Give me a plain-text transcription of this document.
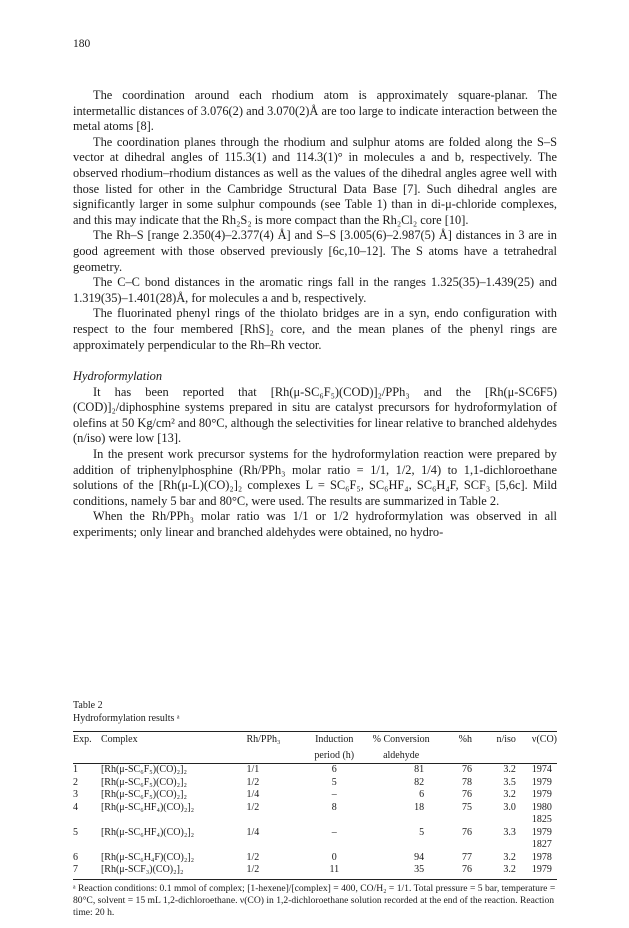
180

The coordination around each rhodium atom is approximately square-planar. The intermetallic distances of 3.076(2) and 3.070(2)Å are too large to indicate interaction between the metal atoms [8].

The coordination planes through the rhodium and sulphur atoms are folded along the S–S vector at dihedral angles of 115.3(1) and 114.3(1)° in molecules a and b, respectively. The observed rhodium–rhodium distances as well as the values of the dihedral angles agree well with those listed for other in the Cambridge Structural Data Base [7]. Such dihedral angles are significantly larger in some sulphur compounds (see Table 1) than in di-μ-chloride complexes, and this may indicate that the Rh₂S₂ is more compact than the Rh₂Cl₂ core [10].

The Rh–S [range 2.350(4)–2.377(4) Å] and S–S [3.005(6)–2.987(5) Å] distances in 3 are in good agreement with those observed previously [6c,10–12]. The S atoms have a tetrahedral geometry.

The C–C bond distances in the aromatic rings fall in the ranges 1.325(35)–1.439(25) and 1.319(35)–1.401(28)Å, for molecules a and b, respectively.

The fluorinated phenyl rings of the thiolato bridges are in a syn, endo configuration with respect to the four membered [RhS]₂ core, and the mean planes of the phenyl rings are approximately perpendicular to the Rh–Rh vector.

Hydroformylation

It has been reported that [Rh(μ-SC₆F₅)(COD)]₂/PPh₃ and the [Rh(μ-SC6F5)(COD)]₂/diphosphine systems prepared in situ are catalyst precursors for hydroformylation of olefins at 50 Kg/cm² and 80°C, although the selectivities for linear relative to branched aldehydes (n/iso) were low [13].

In the present work precursor systems for the hydroformylation reaction were prepared by addition of triphenylphosphine (Rh/PPh₃ molar ratio = 1/1, 1/2, 1/4) to 1,1-dichloroethane solutions of the [Rh(μ-L)(CO)₂]₂ complexes L = SC₆F₅, SC₆HF₄, SC₆H₄F, SCF₃ [5,6c]. Mild conditions, namely 5 bar and 80°C, were used. The results are summarized in Table 2.

When the Rh/PPh₃ molar ratio was 1/1 or 1/2 hydroformylation was observed in all experiments; only linear and branched aldehydes were obtained, no hydro-

Table 2

Hydroformylation results ᵃ

Exp.	Complex	Rh/PPh₃	Induction	% Conversion	%h	n/iso	ν(CO)
			period (h)	aldehyde			
1	[Rh(μ-SC₆F₅)(CO)₂]₂	1/1	6	81	76	3.2	1974
2	[Rh(μ-SC₆F₅)(CO)₂]₂	1/2	5	82	78	3.5	1979
3	[Rh(μ-SC₆F₅)(CO)₂]₂	1/4	–	6	76	3.2	1979
4	[Rh(μ-SC₆HF₄)(CO)₂]₂	1/2	8	18	75	3.0	1980
							1825
5	[Rh(μ-SC₆HF₄)(CO)₂]₂	1/4	–	5	76	3.3	1979
							1827
6	[Rh(μ-SC₆H₄F)(CO)₂]₂	1/2	0	94	77	3.2	1978
7	[Rh(μ-SCF₃)(CO)₂]₂	1/2	11	35	76	3.2	1979

ᵃ Reaction conditions: 0.1 mmol of complex; [1-hexene]/[complex] = 400, CO/H₂ = 1/1. Total pressure = 5 bar, temperature = 80°C, solvent = 15 mL 1,2-dichloroethane. ν(CO) in 1,2-dichloroethane solution recorded at the end of the reaction. Reaction time: 20 h.
